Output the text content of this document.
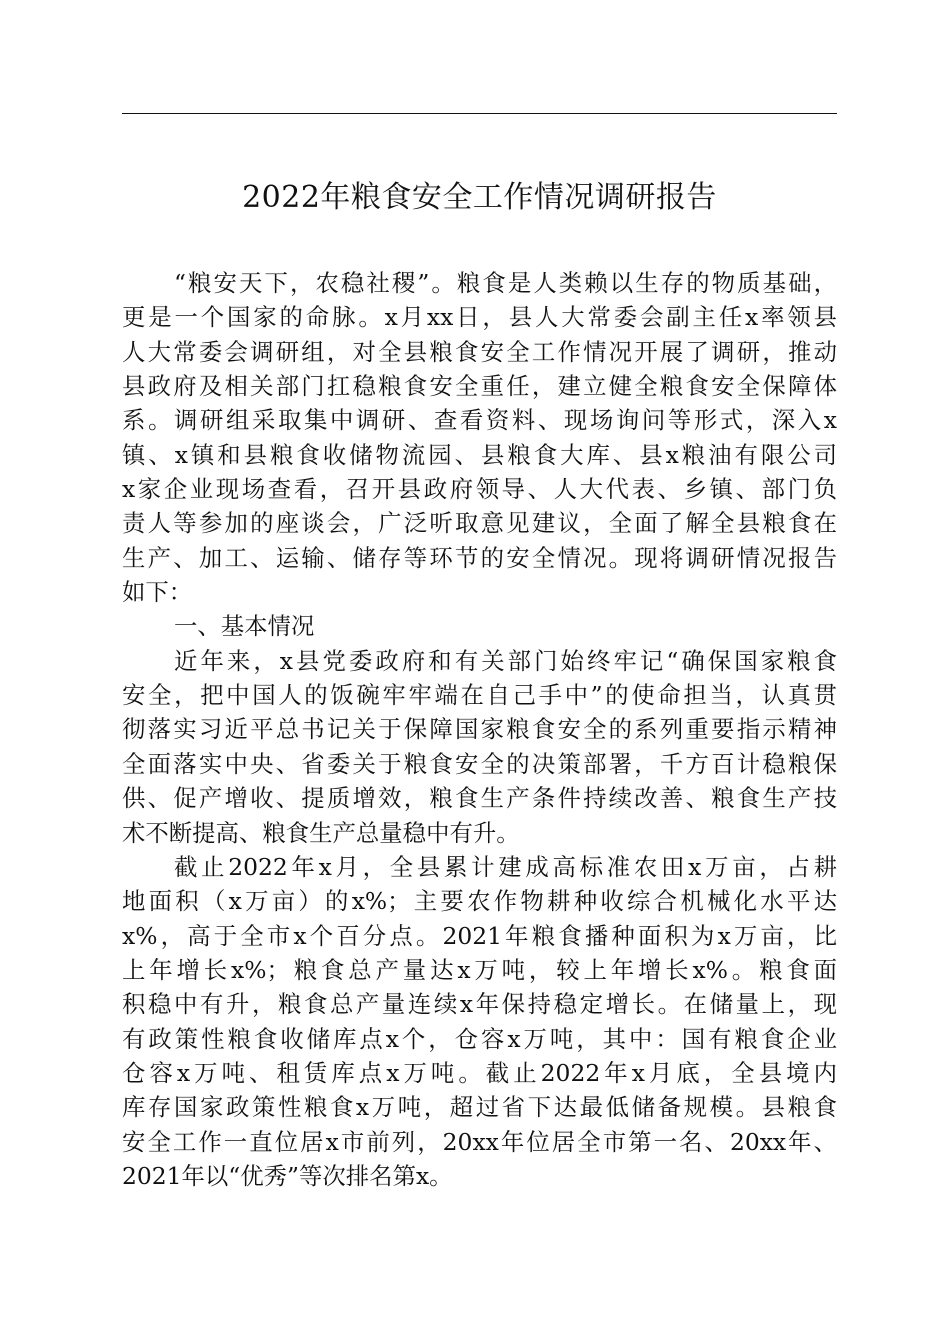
2022年粮食安全工作情况调研报告
“粮安天下，农稳社稷”。粮食是人类赖以生存的物质基础，
更是一个国家的命脉。x月xx日，县人大常委会副主任x率领县
人大常委会调研组，对全县粮食安全工作情况开展了调研，推动
县政府及相关部门扛稳粮食安全重任，建立健全粮食安全保障体
系。调研组采取集中调研、查看资料、现场询问等形式，深入x
镇、x镇和县粮食收储物流园、县粮食大库、县x粮油有限公司
x家企业现场查看，召开县政府领导、人大代表、乡镇、部门负
责人等参加的座谈会，广泛听取意见建议，全面了解全县粮食在
生产、加工、运输、储存等环节的安全情况。现将调研情况报告
如下：
一、基本情况
近年来，x县党委政府和有关部门始终牢记“确保国家粮食
安全，把中国人的饭碗牢牢端在自己手中”的使命担当，认真贯
彻落实习近平总书记关于保障国家粮食安全的系列重要指示精神
全面落实中央、省委关于粮食安全的决策部署，千方百计稳粮保
供、促产增收、提质增效，粮食生产条件持续改善、粮食生产技
术不断提高、粮食生产总量稳中有升。
截止2022年x月，全县累计建成高标准农田x万亩，占耕
地面积（x万亩）的x%；主要农作物耕种收综合机械化水平达
x%，高于全市x个百分点。2021年粮食播种面积为x万亩，比
上年增长x%；粮食总产量达x万吨，较上年增长x%。粮食面
积稳中有升，粮食总产量连续x年保持稳定增长。在储量上，现
有政策性粮食收储库点x个，仓容x万吨，其中：国有粮食企业
仓容x万吨、租赁库点x万吨。截止2022年x月底，全县境内
库存国家政策性粮食x万吨，超过省下达最低储备规模。县粮食
安全工作一直位居x市前列，20xx年位居全市第一名、20xx年、
2021年以“优秀”等次排名第x。
